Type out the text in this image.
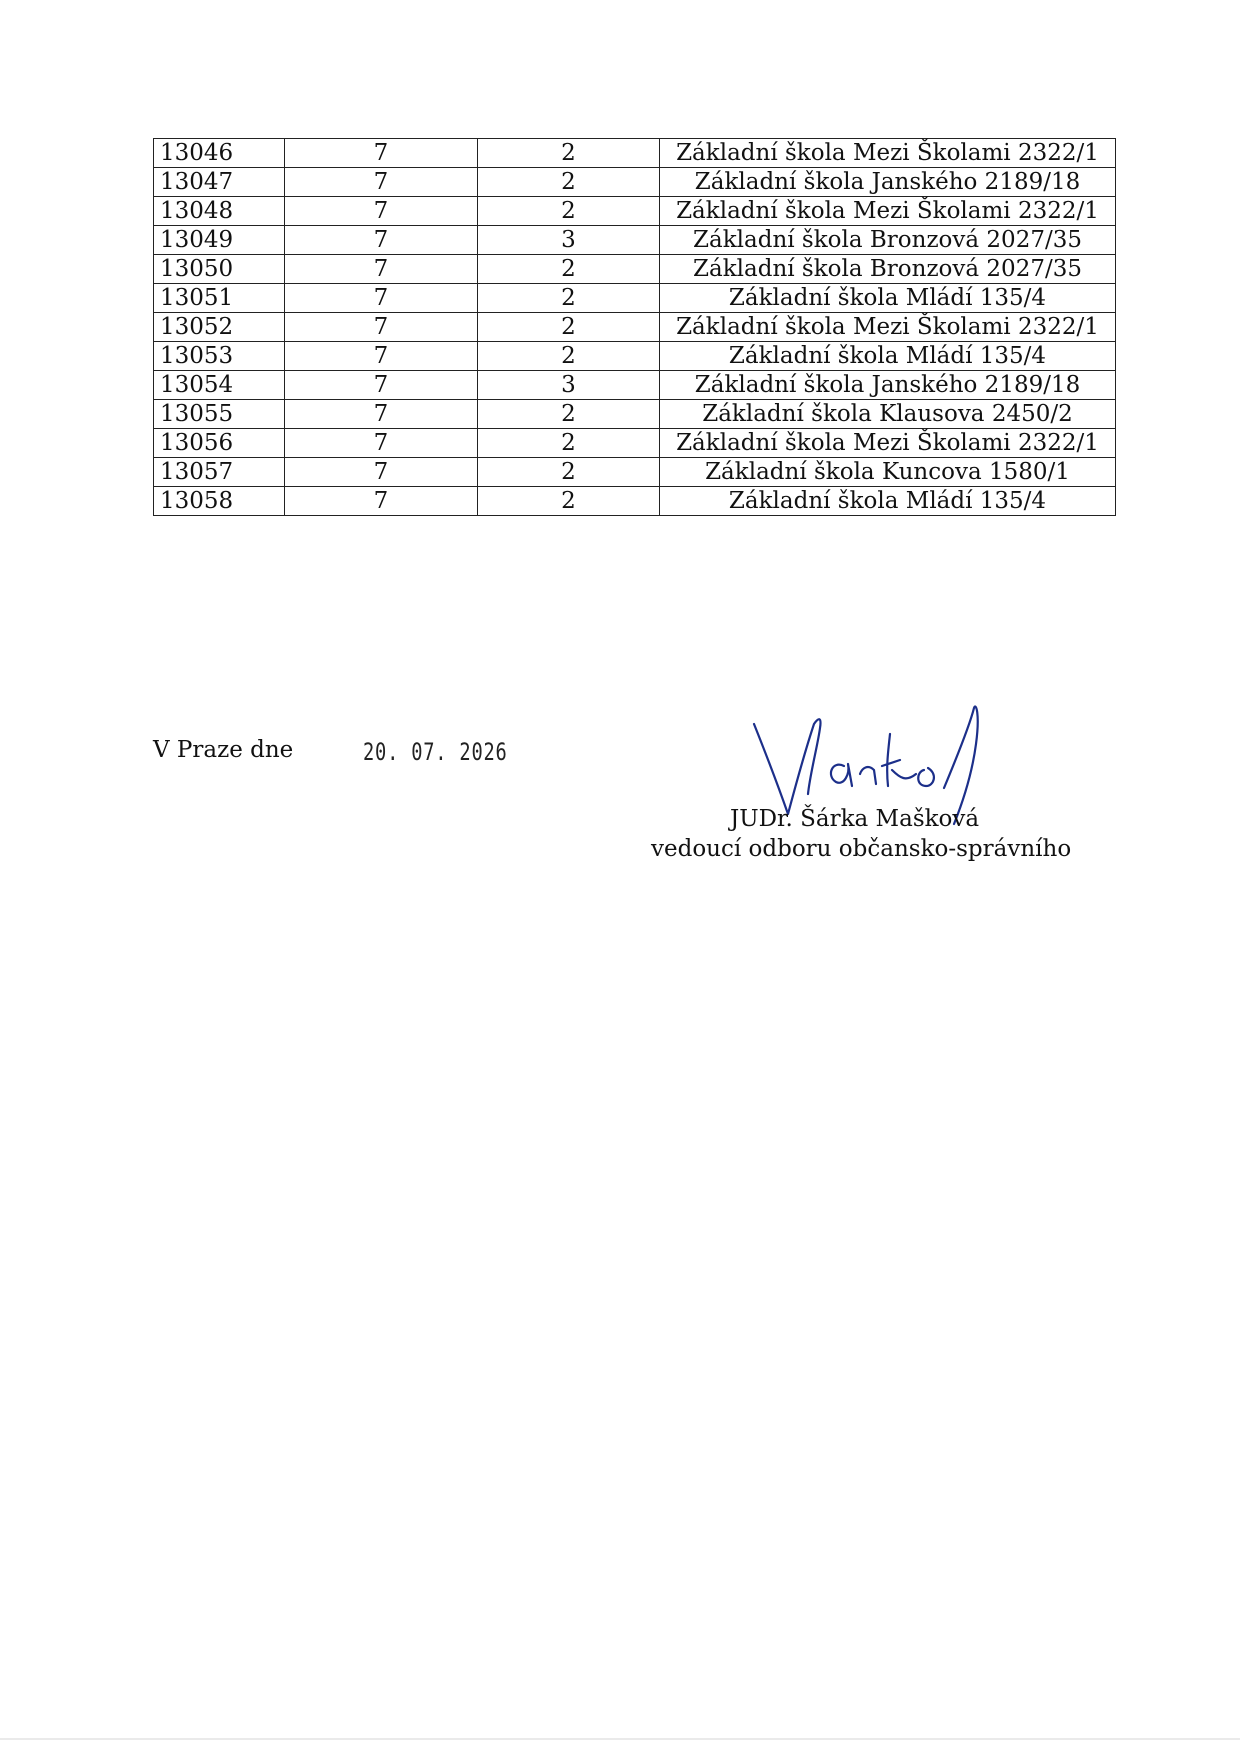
13046	7	2	Základní škola Mezi Školami 2322/1
13047	7	2	Základní škola Janského 2189/18
13048	7	2	Základní škola Mezi Školami 2322/1
13049	7	3	Základní škola Bronzová 2027/35
13050	7	2	Základní škola Bronzová 2027/35
13051	7	2	Základní škola Mládí 135/4
13052	7	2	Základní škola Mezi Školami 2322/1
13053	7	2	Základní škola Mládí 135/4
13054	7	3	Základní škola Janského 2189/18
13055	7	2	Základní škola Klausova 2450/2
13056	7	2	Základní škola Mezi Školami 2322/1
13057	7	2	Základní škola Kuncova 1580/1
13058	7	2	Základní škola Mládí 135/4
V Praze dne	20. 07. 2026
JUDr. Šárka Mašková
vedoucí odboru občansko-správního
